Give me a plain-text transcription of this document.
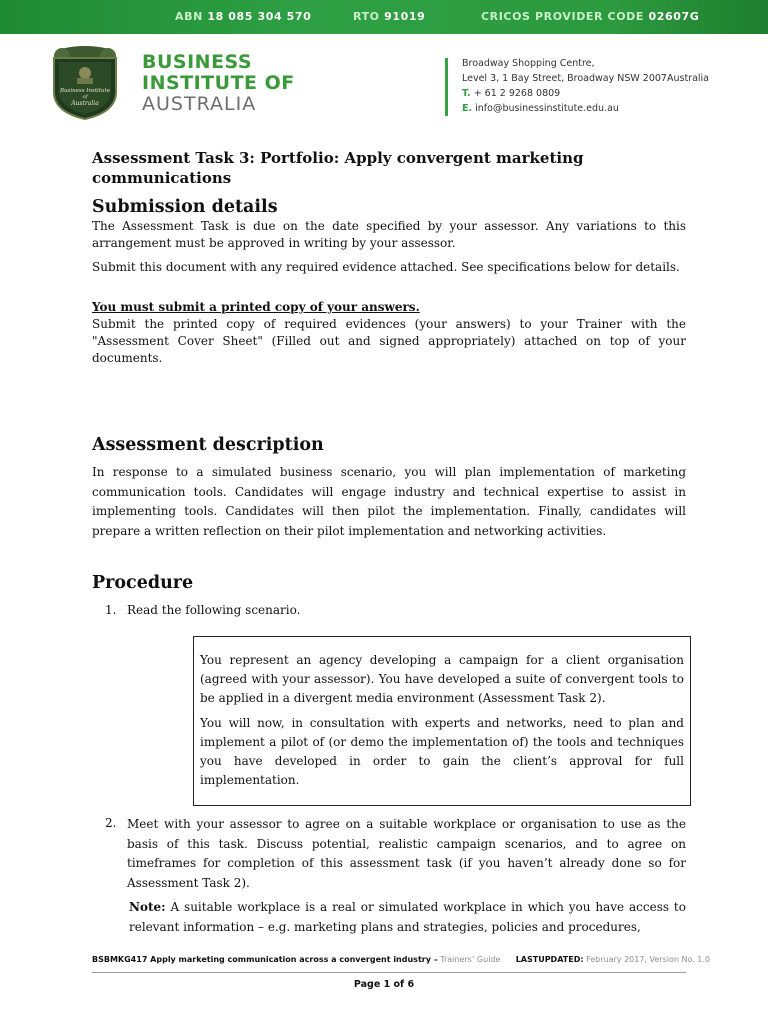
ABN 18 085 304 570	RTO 91019	CRICOS PROVIDER CODE 02607G
Business Institute
of
Australia
BUSINESS
INSTITUTE OF
AUSTRALIA
Broadway Shopping Centre,
Level 3, 1 Bay Street, Broadway NSW 2007Australia
T. + 61 2 9268 0809
E. info@businessinstitute.edu.au
Assessment Task 3: Portfolio: Apply convergent marketing communications
Submission details

The Assessment Task is due on the date specified by your assessor. Any variations to this arrangement must be approved in writing by your assessor.

Submit this document with any required evidence attached. See specifications below for details.

You must submit a printed copy of your answers.

Submit the printed copy of required evidences (your answers) to your Trainer with the "Assessment Cover Sheet" (Filled out and signed appropriately) attached on top of your documents.

Assessment description

In response to a simulated business scenario, you will plan implementation of marketing communication tools. Candidates will engage industry and technical expertise to assist in implementing tools. Candidates will then pilot the implementation. Finally, candidates will prepare a written reflection on their pilot implementation and networking activities.

Procedure

1. Read the following scenario.

You represent an agency developing a campaign for a client organisation (agreed with your assessor). You have developed a suite of convergent tools to be applied in a divergent media environment (Assessment Task 2).

You will now, in consultation with experts and networks, need to plan and implement a pilot of (or demo the implementation of) the tools and techniques you have developed in order to gain the client’s approval for full implementation.

2. Meet with your assessor to agree on a suitable workplace or organisation to use as the basis of this task. Discuss potential, realistic campaign scenarios, and to agree on timeframes for completion of this assessment task (if you haven’t already done so for Assessment Task 2).

Note: A suitable workplace is a real or simulated workplace in which you have access to relevant information – e.g. marketing plans and strategies, policies and procedures,

BSBMKG417 Apply marketing communication across a convergent industry – Trainers’ Guide LASTUPDATED: February 2017, Version No. 1.0
Page 1 of 6
